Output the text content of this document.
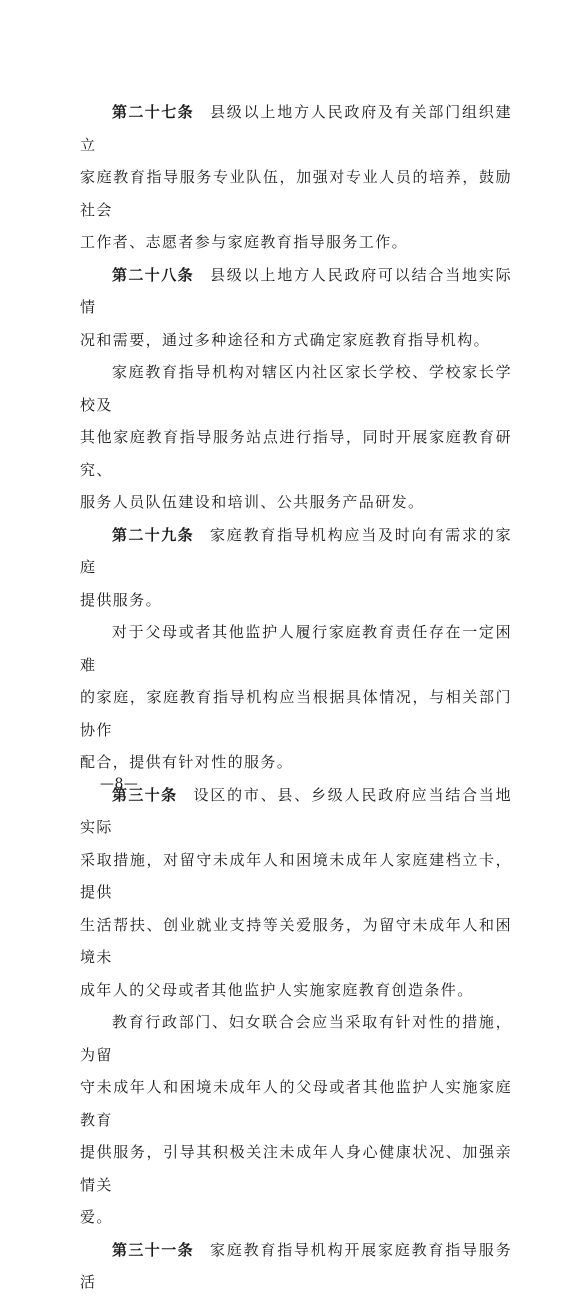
第二十七条 县级以上地方人民政府及有关部门组织建立
家庭教育指导服务专业队伍，加强对专业人员的培养，鼓励社会
工作者、志愿者参与家庭教育指导服务工作。

第二十八条 县级以上地方人民政府可以结合当地实际情
况和需要，通过多种途径和方式确定家庭教育指导机构。

家庭教育指导机构对辖区内社区家长学校、学校家长学校及
其他家庭教育指导服务站点进行指导，同时开展家庭教育研究、
服务人员队伍建设和培训、公共服务产品研发。

第二十九条 家庭教育指导机构应当及时向有需求的家庭
提供服务。

对于父母或者其他监护人履行家庭教育责任存在一定困难
的家庭，家庭教育指导机构应当根据具体情况，与相关部门协作
配合，提供有针对性的服务。

第三十条 设区的市、县、乡级人民政府应当结合当地实际
采取措施，对留守未成年人和困境未成年人家庭建档立卡，提供
生活帮扶、创业就业支持等关爱服务，为留守未成年人和困境未
成年人的父母或者其他监护人实施家庭教育创造条件。

教育行政部门、妇女联合会应当采取有针对性的措施，为留
守未成年人和困境未成年人的父母或者其他监护人实施家庭教育
提供服务，引导其积极关注未成年人身心健康状况、加强亲情关
爱。

第三十一条 家庭教育指导机构开展家庭教育指导服务活

—8—
